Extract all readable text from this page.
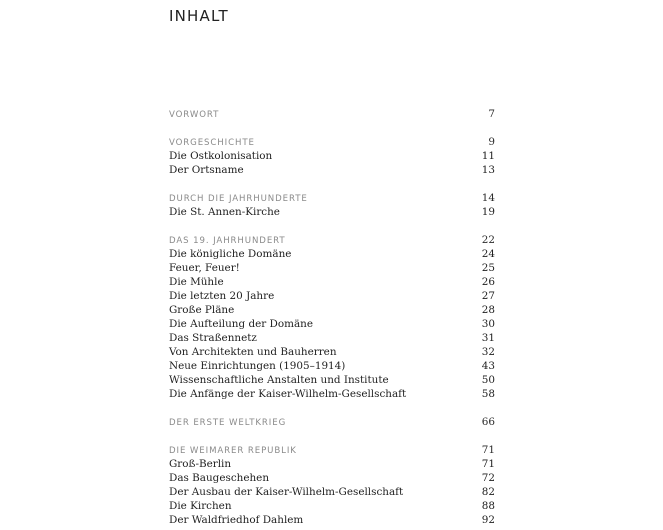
INHALT
VORWORT	7
VORGESCHICHTE	9
Die Ostkolonisation	11
Der Ortsname	13
DURCH DIE JAHRHUNDERTE	14
Die St. Annen-Kirche	19
DAS 19. JAHRHUNDERT	22
Die königliche Domäne	24
Feuer, Feuer!	25
Die Mühle	26
Die letzten 20 Jahre	27
Große Pläne	28
Die Aufteilung der Domäne	30
Das Straßennetz	31
Von Architekten und Bauherren	32
Neue Einrichtungen (1905–1914)	43
Wissenschaftliche Anstalten und Institute	50
Die Anfänge der Kaiser-Wilhelm-Gesellschaft	58
DER ERSTE WELTKRIEG	66
DIE WEIMARER REPUBLIK	71
Groß-Berlin	71
Das Baugeschehen	72
Der Ausbau der Kaiser-Wilhelm-Gesellschaft	82
Die Kirchen	88
Der Waldfriedhof Dahlem	92
